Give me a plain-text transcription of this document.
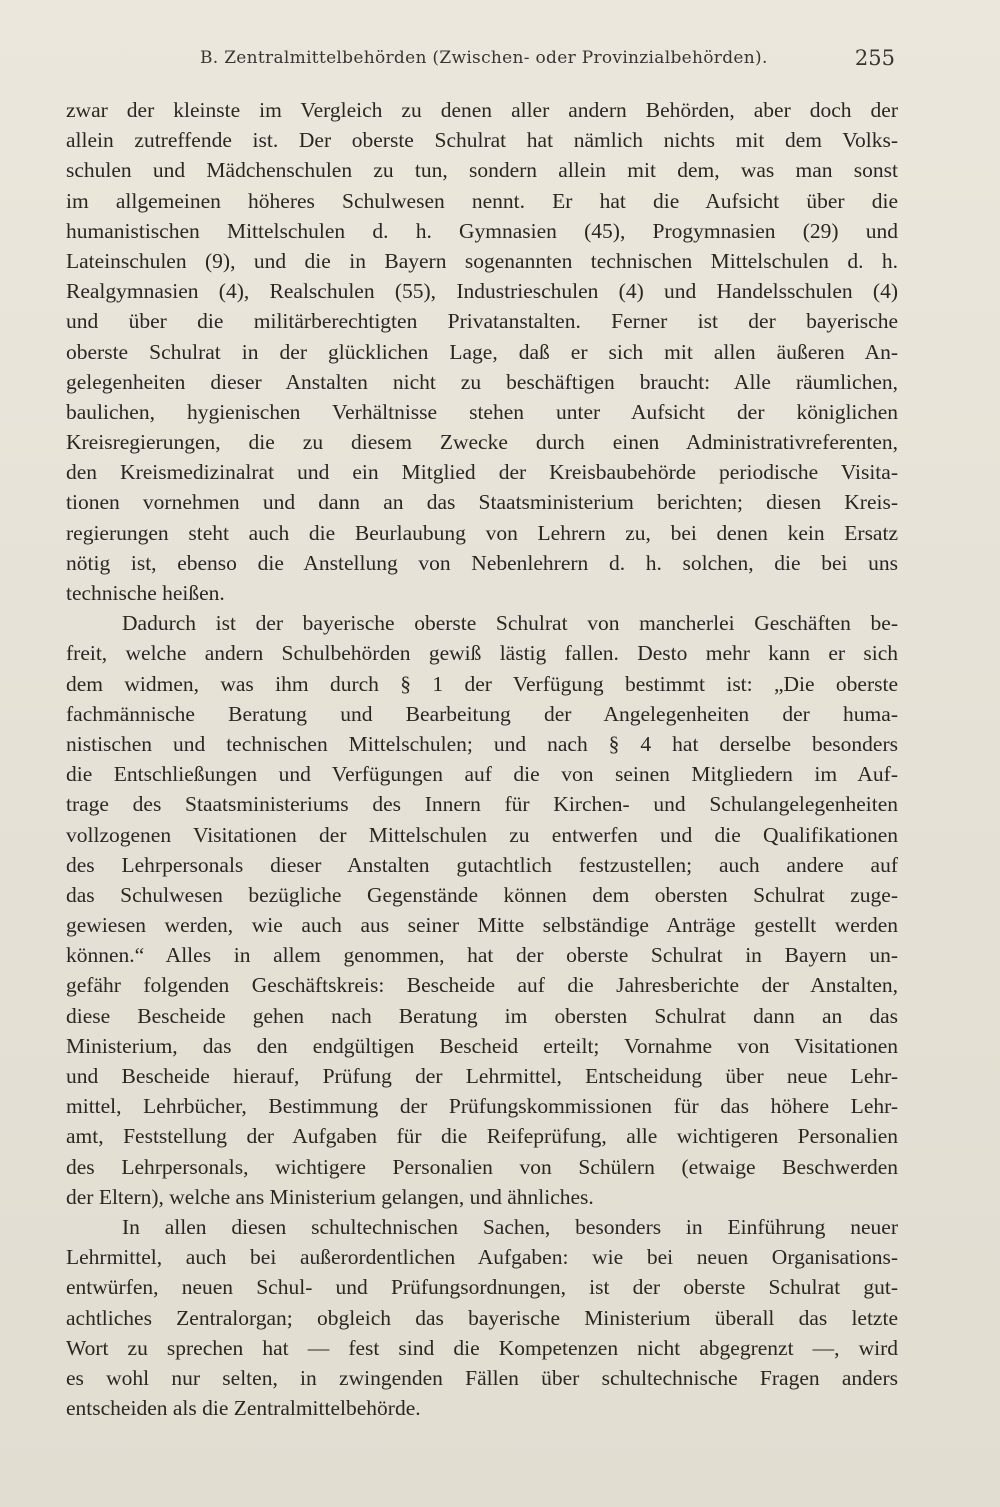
B. Zentralmittelbehörden (Zwischen- oder Provinzialbehörden).	255
zwar der kleinste im Vergleich zu denen aller andern Behörden, aber doch der
allein zutreffende ist. Der oberste Schulrat hat nämlich nichts mit dem Volks-
schulen und Mädchenschulen zu tun, sondern allein mit dem, was man sonst
im allgemeinen höheres Schulwesen nennt. Er hat die Aufsicht über die
humanistischen Mittelschulen d. h. Gymnasien (45), Progymnasien (29) und
Lateinschulen (9), und die in Bayern sogenannten technischen Mittelschulen d. h.
Realgymnasien (4), Realschulen (55), Industrieschulen (4) und Handelsschulen (4)
und über die militärberechtigten Privatanstalten. Ferner ist der bayerische
oberste Schulrat in der glücklichen Lage, daß er sich mit allen äußeren An-
gelegenheiten dieser Anstalten nicht zu beschäftigen braucht: Alle räumlichen,
baulichen, hygienischen Verhältnisse stehen unter Aufsicht der königlichen
Kreisregierungen, die zu diesem Zwecke durch einen Administrativreferenten,
den Kreismedizinalrat und ein Mitglied der Kreisbaubehörde periodische Visita-
tionen vornehmen und dann an das Staatsministerium berichten; diesen Kreis-
regierungen steht auch die Beurlaubung von Lehrern zu, bei denen kein Ersatz
nötig ist, ebenso die Anstellung von Nebenlehrern d. h. solchen, die bei uns
technische heißen.
Dadurch ist der bayerische oberste Schulrat von mancherlei Geschäften be-
freit, welche andern Schulbehörden gewiß lästig fallen. Desto mehr kann er sich
dem widmen, was ihm durch § 1 der Verfügung bestimmt ist: „Die oberste
fachmännische Beratung und Bearbeitung der Angelegenheiten der huma-
nistischen und technischen Mittelschulen; und nach § 4 hat derselbe besonders
die Entschließungen und Verfügungen auf die von seinen Mitgliedern im Auf-
trage des Staatsministeriums des Innern für Kirchen- und Schulangelegenheiten
vollzogenen Visitationen der Mittelschulen zu entwerfen und die Qualifikationen
des Lehrpersonals dieser Anstalten gutachtlich festzustellen; auch andere auf
das Schulwesen bezügliche Gegenstände können dem obersten Schulrat zuge-
gewiesen werden, wie auch aus seiner Mitte selbständige Anträge gestellt werden
können.“ Alles in allem genommen, hat der oberste Schulrat in Bayern un-
gefähr folgenden Geschäftskreis: Bescheide auf die Jahresberichte der Anstalten,
diese Bescheide gehen nach Beratung im obersten Schulrat dann an das
Ministerium, das den endgültigen Bescheid erteilt; Vornahme von Visitationen
und Bescheide hierauf, Prüfung der Lehrmittel, Entscheidung über neue Lehr-
mittel, Lehrbücher, Bestimmung der Prüfungskommissionen für das höhere Lehr-
amt, Feststellung der Aufgaben für die Reifeprüfung, alle wichtigeren Personalien
des Lehrpersonals, wichtigere Personalien von Schülern (etwaige Beschwerden
der Eltern), welche ans Ministerium gelangen, und ähnliches.
In allen diesen schultechnischen Sachen, besonders in Einführung neuer
Lehrmittel, auch bei außerordentlichen Aufgaben: wie bei neuen Organisations-
entwürfen, neuen Schul- und Prüfungsordnungen, ist der oberste Schulrat gut-
achtliches Zentralorgan; obgleich das bayerische Ministerium überall das letzte
Wort zu sprechen hat — fest sind die Kompetenzen nicht abgegrenzt —, wird
es wohl nur selten, in zwingenden Fällen über schultechnische Fragen anders
entscheiden als die Zentralmittelbehörde.
